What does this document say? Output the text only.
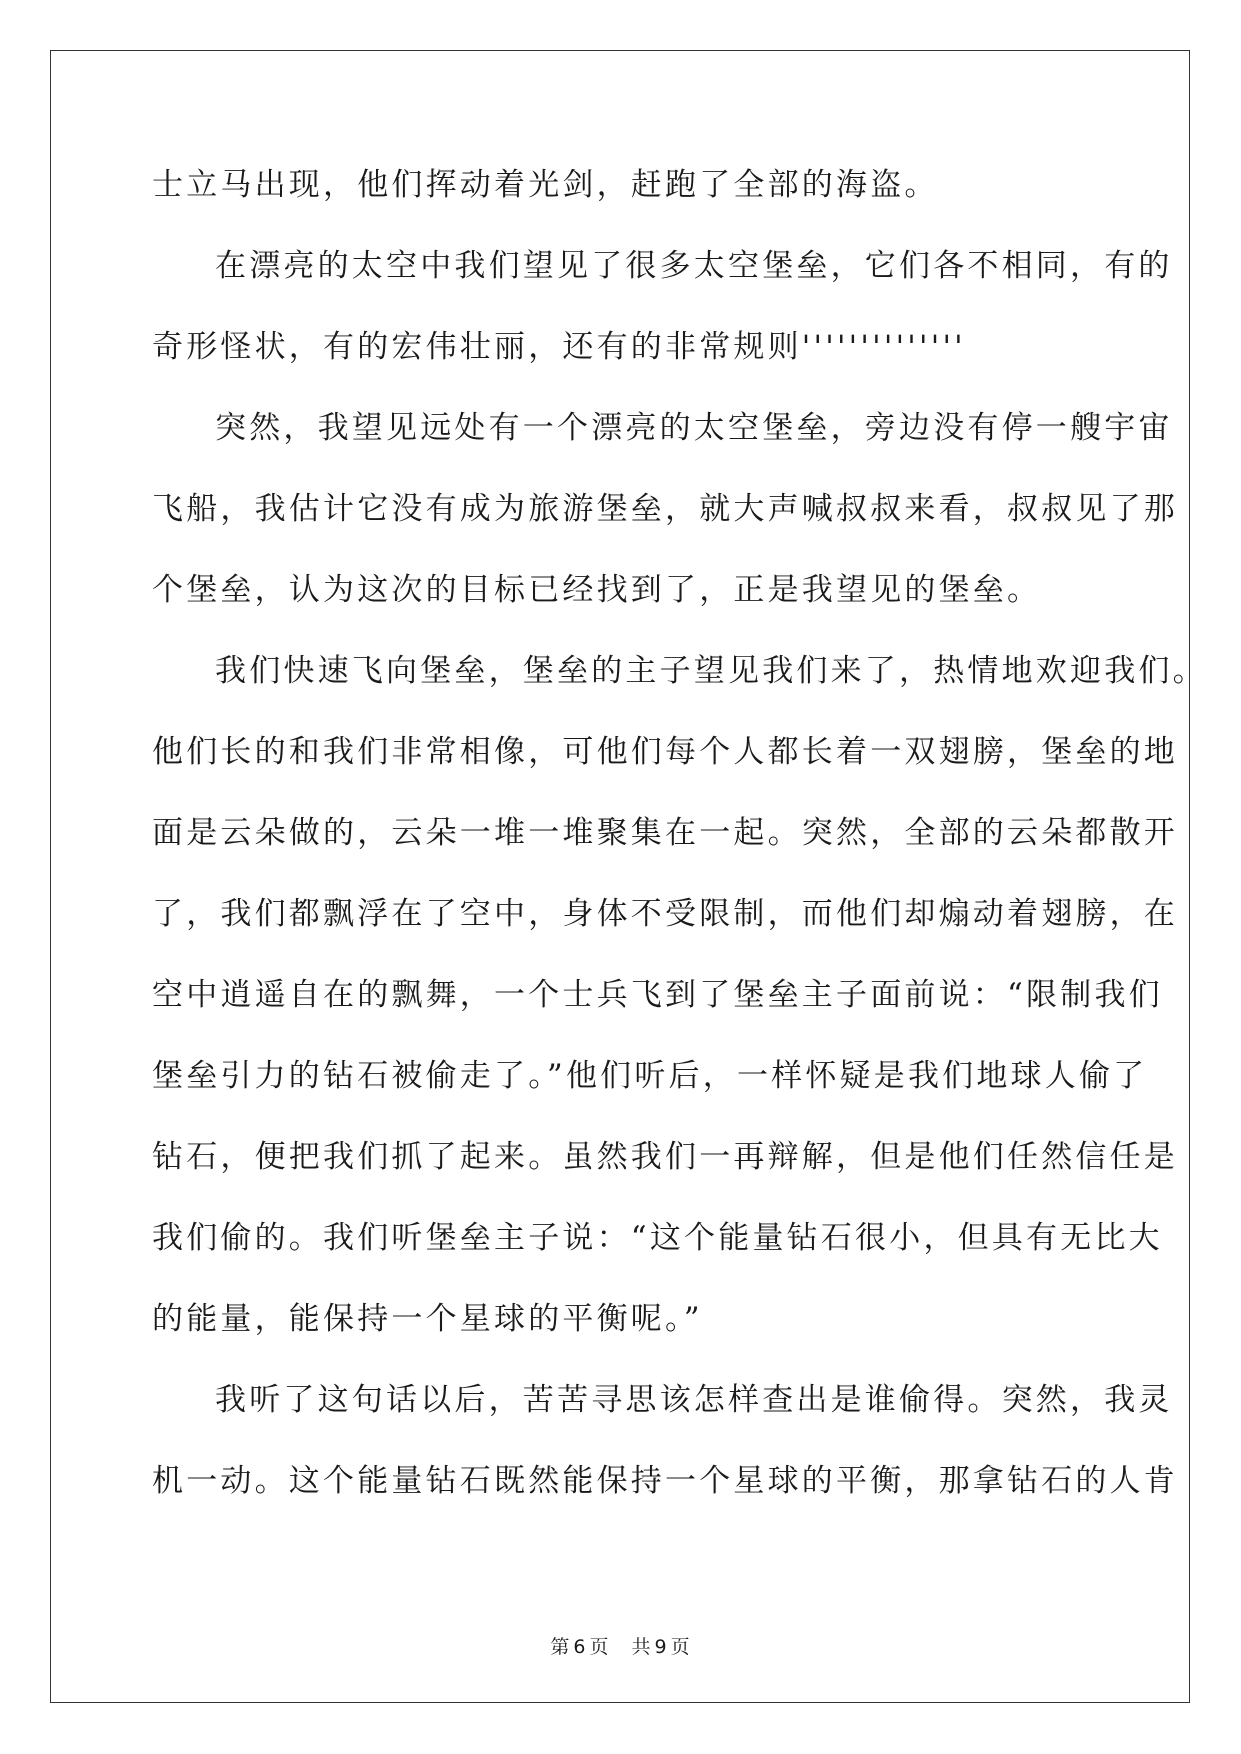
士立马出现，他们挥动着光剑，赶跑了全部的海盗。
在漂亮的太空中我们望见了很多太空堡垒，它们各不相同，有的
奇形怪状，有的宏伟壮丽，还有的非常规则''''''''''''''
突然，我望见远处有一个漂亮的太空堡垒，旁边没有停一艘宇宙
飞船，我估计它没有成为旅游堡垒，就大声喊叔叔来看，叔叔见了那
个堡垒，认为这次的目标已经找到了，正是我望见的堡垒。
我们快速飞向堡垒，堡垒的主子望见我们来了，热情地欢迎我们。
他们长的和我们非常相像，可他们每个人都长着一双翅膀，堡垒的地
面是云朵做的，云朵一堆一堆聚集在一起。突然，全部的云朵都散开
了，我们都飘浮在了空中，身体不受限制，而他们却煽动着翅膀，在
空中逍遥自在的飘舞，一个士兵飞到了堡垒主子面前说：“限制我们
堡垒引力的钻石被偷走了。”他们听后，一样怀疑是我们地球人偷了
钻石，便把我们抓了起来。虽然我们一再辩解，但是他们任然信任是
我们偷的。我们听堡垒主子说：“这个能量钻石很小，但具有无比大
的能量，能保持一个星球的平衡呢。”
我听了这句话以后，苦苦寻思该怎样查出是谁偷得。突然，我灵
机一动。这个能量钻石既然能保持一个星球的平衡，那拿钻石的人肯
第 6 页 共 9 页
